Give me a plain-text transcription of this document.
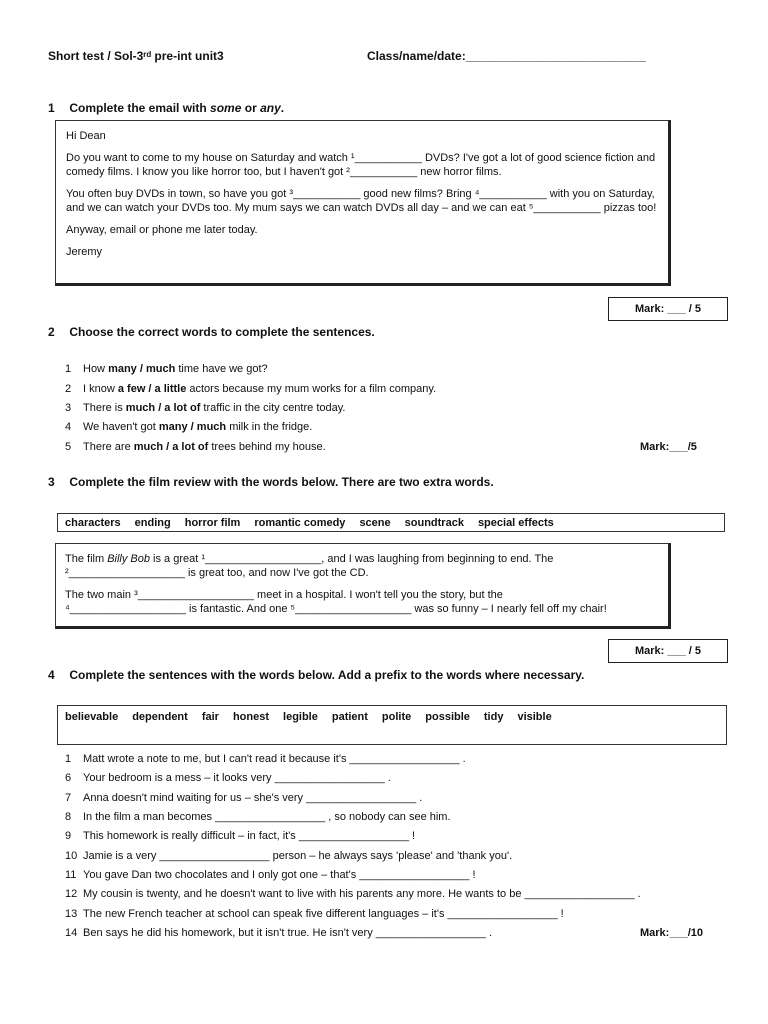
Short test / Sol-3ʳᵈ pre-int unit3	Class/name/date:___________________________
1 Complete the email with some or any.

Hi Dean

Do you want to come to my house on Saturday and watch ¹___________ DVDs? I've got a lot of good science fiction and comedy films. I know you like horror too, but I haven't got ²___________ new horror films.

You often buy DVDs in town, so have you got ³___________ good new films? Bring ⁴___________ with you on Saturday, and we can watch your DVDs too. My mum says we can watch DVDs all day – and we can eat ⁵___________ pizzas too!

Anyway, email or phone me later today.

Jeremy

Mark: ___ / 5
2 Choose the correct words to complete the sentences.
1 How many / much time have we got?
2 I know a few / a little actors because my mum works for a film company.
3 There is much / a lot of traffic in the city centre today.
4 We haven't got many / much milk in the fridge.
5 There are much / a lot of trees behind my house.	Mark:___/5
3 Complete the film review with the words below. There are two extra words.
characters ending horror film romantic comedy scene soundtrack special effects

The film Billy Bob is a great ¹___________________, and I was laughing from beginning to end. The

²___________________ is great too, and now I've got the CD.

The two main ³___________________ meet in a hospital. I won't tell you the story, but the

⁴___________________ is fantastic. And one ⁵___________________ was so funny – I nearly fell off my chair!

Mark: ___ / 5
4 Complete the sentences with the words below. Add a prefix to the words where necessary.
believable dependent fair honest legible patient polite possible tidy visible
1 Matt wrote a note to me, but I can't read it because it's __________________ .
6 Your bedroom is a mess – it looks very __________________ .
7 Anna doesn't mind waiting for us – she's very __________________ .
8 In the film a man becomes __________________ , so nobody can see him.
9 This homework is really difficult – in fact, it's __________________ !
10 Jamie is a very __________________ person – he always says 'please' and 'thank you'.
11 You gave Dan two chocolates and I only got one – that's __________________ !
12 My cousin is twenty, and he doesn't want to live with his parents any more. He wants to be __________________ .
13 The new French teacher at school can speak five different languages – it's __________________ !
14 Ben says he did his homework, but it isn't true. He isn't very __________________ .	Mark:___/10
